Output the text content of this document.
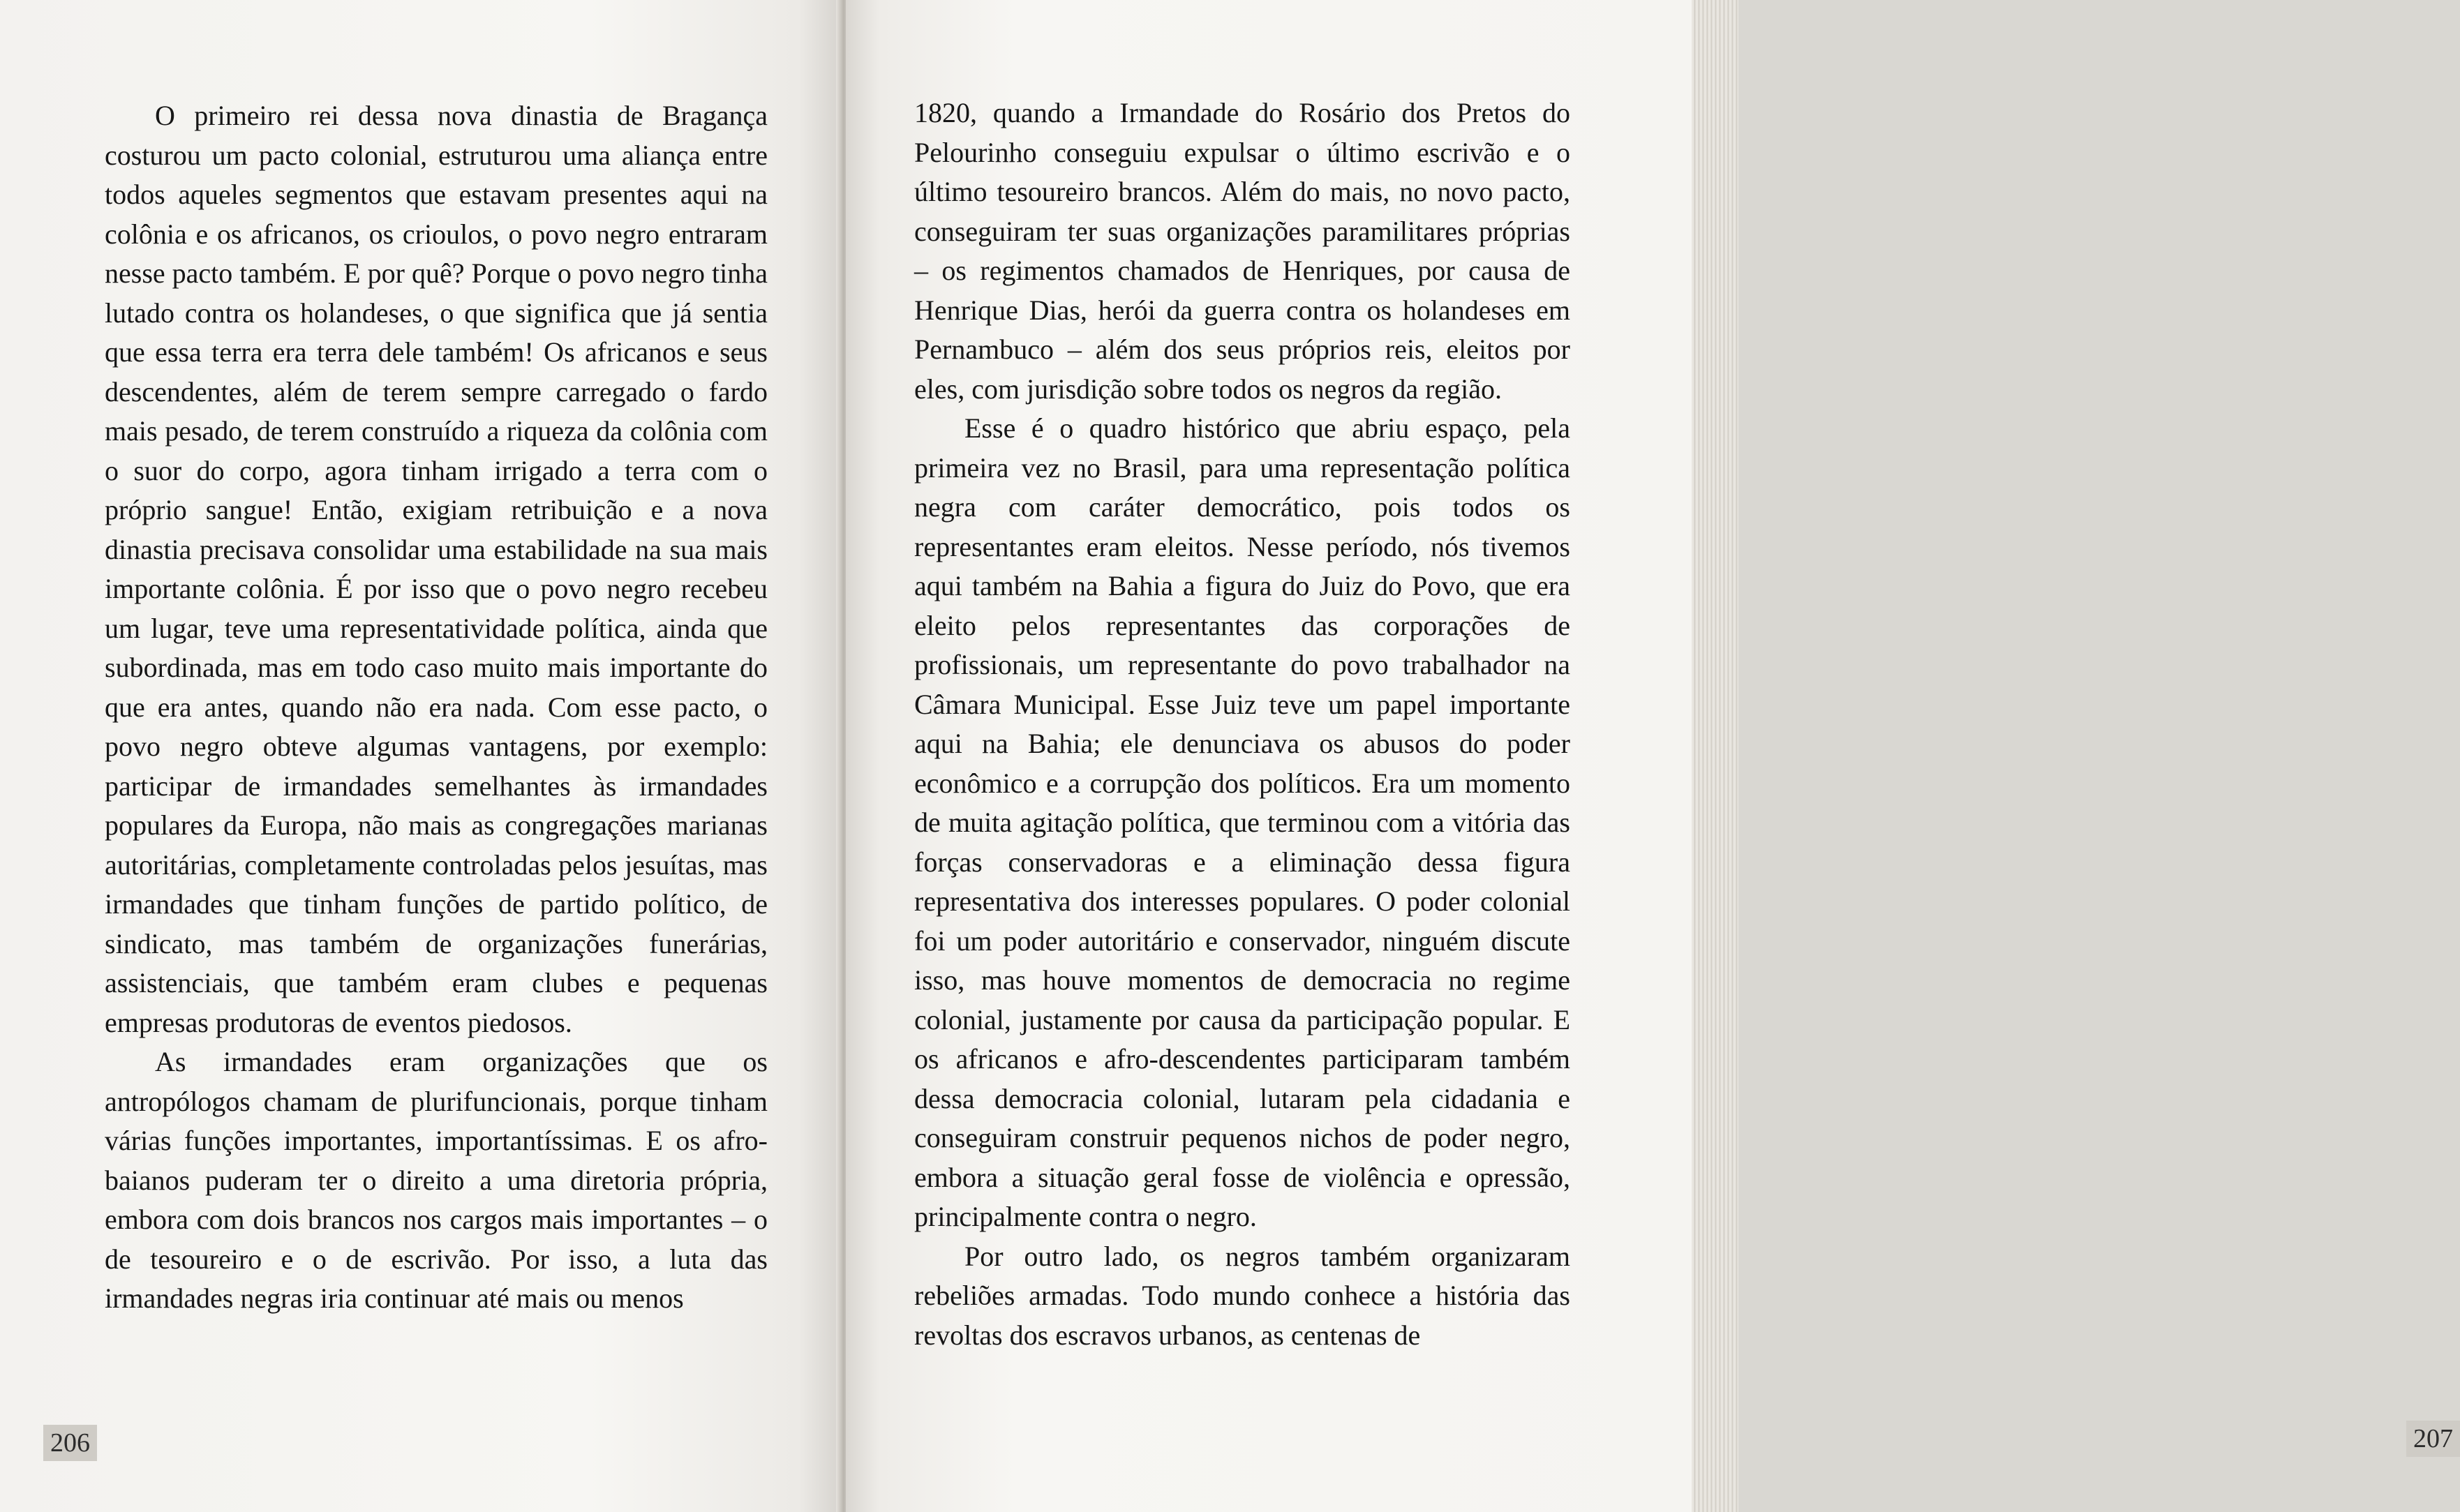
O primeiro rei dessa nova dinastia de Bragança costurou um pacto colonial, estruturou uma aliança entre todos aqueles segmentos que estavam presentes aqui na colônia e os africanos, os crioulos, o povo negro entraram nesse pacto também. E por quê? Porque o povo negro tinha lutado contra os holandeses, o que significa que já sentia que essa terra era terra dele também! Os africanos e seus descendentes, além de terem sempre carregado o fardo mais pesado, de terem construído a riqueza da colônia com o suor do corpo, agora tinham irrigado a terra com o próprio sangue! Então, exigiam retribuição e a nova dinastia precisava consolidar uma estabilidade na sua mais importante colônia. É por isso que o povo negro recebeu um lugar, teve uma representatividade política, ainda que subordinada, mas em todo caso muito mais importante do que era antes, quando não era nada. Com esse pacto, o povo negro obteve algumas vantagens, por exemplo: participar de irmandades semelhantes às irmandades populares da Europa, não mais as congregações marianas autoritárias, completamente controladas pelos jesuítas, mas irmandades que tinham funções de partido político, de sindicato, mas também de organizações funerárias, assistenciais, que também eram clubes e pequenas empresas produtoras de eventos piedosos.

As irmandades eram organizações que os antropólogos chamam de plurifuncionais, porque tinham várias funções importantes, importantíssimas. E os afro-baianos puderam ter o direito a uma diretoria própria, embora com dois brancos nos cargos mais importantes – o de tesoureiro e o de escrivão. Por isso, a luta das irmandades negras iria continuar até mais ou menos

206

1820, quando a Irmandade do Rosário dos Pretos do Pelourinho conseguiu expulsar o último escrivão e o último tesoureiro brancos. Além do mais, no novo pacto, conseguiram ter suas organizações paramilitares próprias – os regimentos chamados de Henriques, por causa de Henrique Dias, herói da guerra contra os holandeses em Pernambuco – além dos seus próprios reis, eleitos por eles, com jurisdição sobre todos os negros da região.

Esse é o quadro histórico que abriu espaço, pela primeira vez no Brasil, para uma representação política negra com caráter democrático, pois todos os representantes eram eleitos. Nesse período, nós tivemos aqui também na Bahia a figura do Juiz do Povo, que era eleito pelos representantes das corporações de profissionais, um representante do povo trabalhador na Câmara Municipal. Esse Juiz teve um papel importante aqui na Bahia; ele denunciava os abusos do poder econômico e a corrupção dos políticos. Era um momento de muita agitação política, que terminou com a vitória das forças conservadoras e a eliminação dessa figura representativa dos interesses populares. O poder colonial foi um poder autoritário e conservador, ninguém discute isso, mas houve momentos de democracia no regime colonial, justamente por causa da participação popular. E os africanos e afro-descendentes participaram também dessa democracia colonial, lutaram pela cidadania e conseguiram construir pequenos nichos de poder negro, embora a situação geral fosse de violência e opressão, principalmente contra o negro.

Por outro lado, os negros também organizaram rebeliões armadas. Todo mundo conhece a história das revoltas dos escravos urbanos, as centenas de

207
